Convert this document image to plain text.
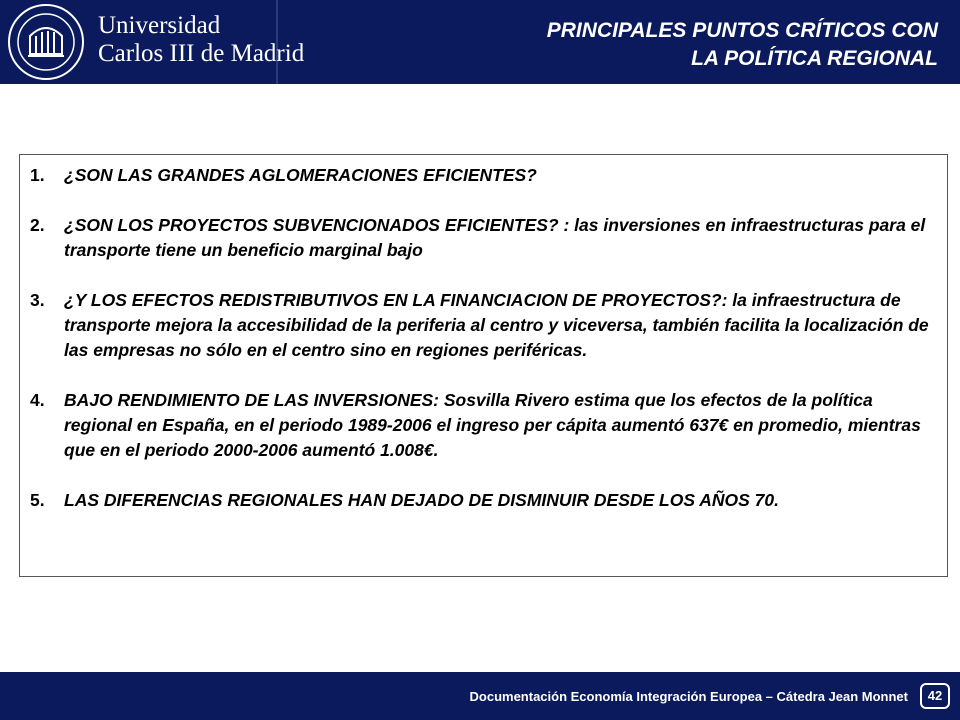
Universidad
Carlos III de Madrid
PRINCIPALES PUNTOS CRÍTICOS CON
LA POLÍTICA REGIONAL
1. ¿SON LAS GRANDES AGLOMERACIONES EFICIENTES?
2. ¿SON LOS PROYECTOS SUBVENCIONADOS EFICIENTES? : las inversiones en infraestructuras para el transporte tiene un beneficio marginal bajo
3. ¿Y LOS EFECTOS REDISTRIBUTIVOS EN LA FINANCIACION DE PROYECTOS?: la infraestructura de transporte mejora la accesibilidad de la periferia al centro y viceversa, también facilita la localización de las empresas no sólo en el centro sino en regiones periféricas.
4. BAJO RENDIMIENTO DE LAS INVERSIONES: Sosvilla Rivero estima que los efectos de la política regional en España, en el periodo 1989-2006 el ingreso per cápita aumentó 637€ en promedio, mientras que en el periodo 2000-2006 aumentó 1.008€.
5. LAS DIFERENCIAS REGIONALES HAN DEJADO DE DISMINUIR DESDE LOS AÑOS 70.
Documentación Economía Integración Europea – Cátedra Jean Monnet	42
